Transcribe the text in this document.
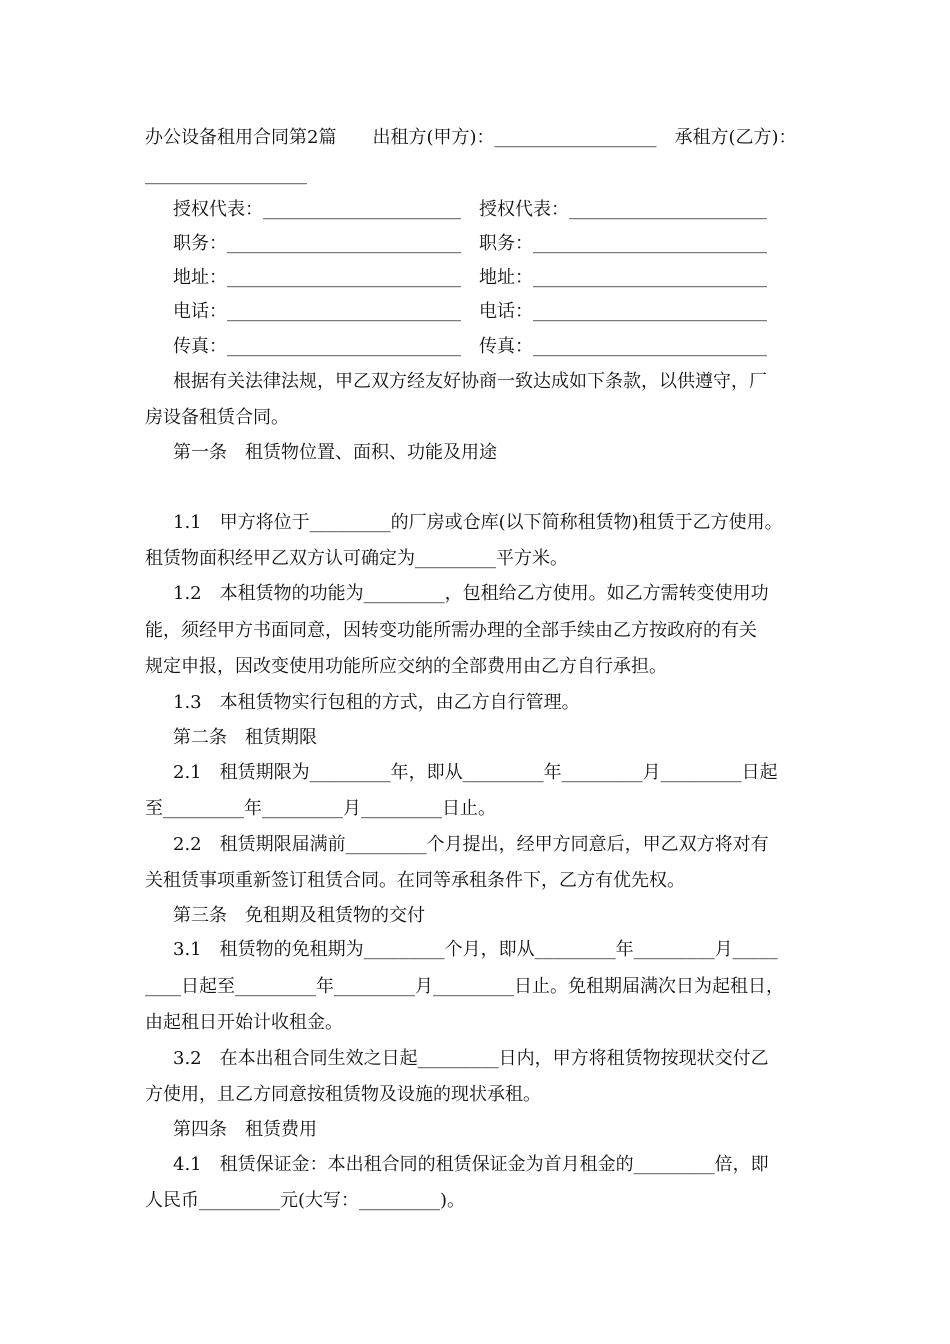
办公设备租用合同第2篇　　出租方(甲方)：__________________　承租方(乙方)：
__________________
授权代表：______________________　授权代表：______________________
职务：__________________________　职务：__________________________
地址：__________________________　地址：__________________________
电话：__________________________　电话：__________________________
传真：__________________________　传真：__________________________
根据有关法律法规，甲乙双方经友好协商一致达成如下条款，以供遵守，厂
房设备租赁合同。
第一条　租赁物位置、面积、功能及用途
1.1　甲方将位于_________的厂房或仓库(以下简称租赁物)租赁于乙方使用。
租赁物面积经甲乙双方认可确定为_________平方米。
1.2　本租赁物的功能为_________，包租给乙方使用。如乙方需转变使用功
能，须经甲方书面同意，因转变功能所需办理的全部手续由乙方按政府的有关
规定申报，因改变使用功能所应交纳的全部费用由乙方自行承担。
1.3　本租赁物实行包租的方式，由乙方自行管理。
第二条　租赁期限
2.1　租赁期限为_________年，即从_________年_________月_________日起
至_________年_________月_________日止。
2.2　租赁期限届满前_________个月提出，经甲方同意后，甲乙双方将对有
关租赁事项重新签订租赁合同。在同等承租条件下，乙方有优先权。
第三条　免租期及租赁物的交付
3.1　租赁物的免租期为_________个月，即从_________年_________月_____
____日起至_________年_________月_________日止。免租期届满次日为起租日，
由起租日开始计收租金。
3.2　在本出租合同生效之日起_________日内，甲方将租赁物按现状交付乙
方使用，且乙方同意按租赁物及设施的现状承租。
第四条　租赁费用
4.1　租赁保证金：本出租合同的租赁保证金为首月租金的_________倍，即
人民币_________元(大写：_________)。
